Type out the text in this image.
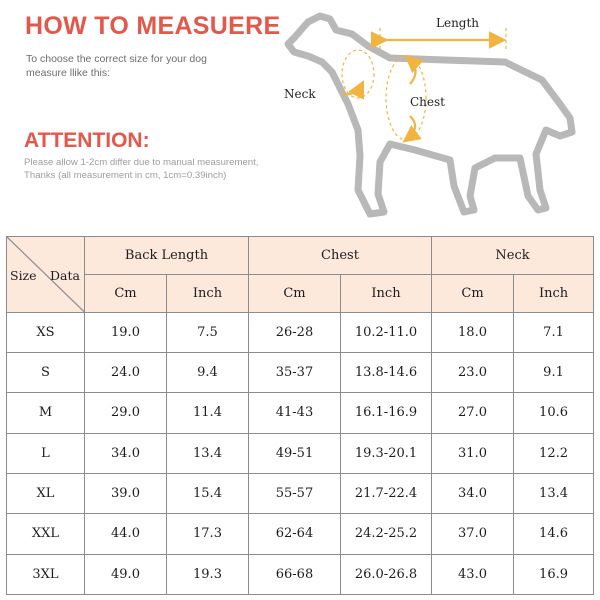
HOW TO MEASUERE
To choose the correct size for your dog measure llike this:
ATTENTION:
Please allow 1-2cm differ due to manual measurement,
Thanks (all measurement in cm, 1cm=0.39inch)
Length
Neck
Chest
Size Data	Back Length		Chest		Neck	
	Cm	Inch	Cm	Inch	Cm	Inch
XS	19.0	7.5	26-28	10.2-11.0	18.0	7.1
S	24.0	9.4	35-37	13.8-14.6	23.0	9.1
M	29.0	11.4	41-43	16.1-16.9	27.0	10.6
L	34.0	13.4	49-51	19.3-20.1	31.0	12.2
XL	39.0	15.4	55-57	21.7-22.4	34.0	13.4
XXL	44.0	17.3	62-64	24.2-25.2	37.0	14.6
3XL	49.0	19.3	66-68	26.0-26.8	43.0	16.9
